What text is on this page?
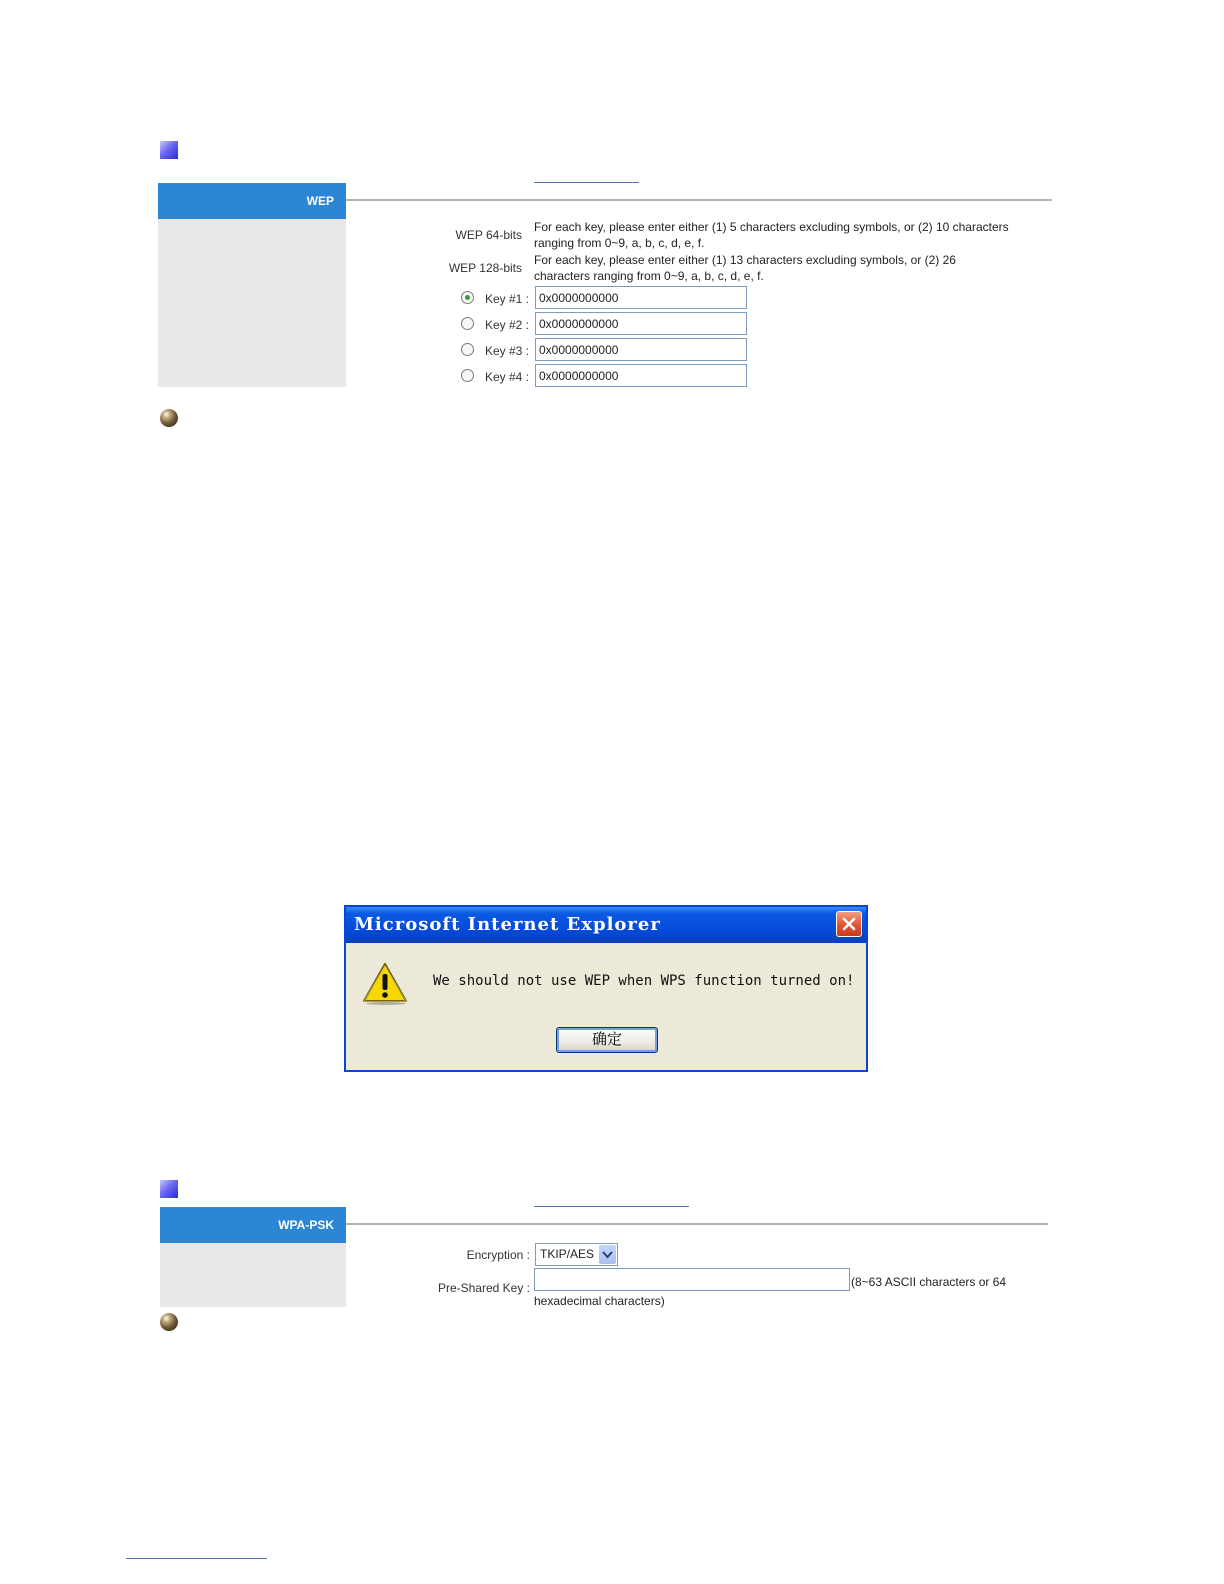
WEP
WEP 64-bits
For each key, please enter either (1) 5 characters excluding symbols, or (2) 10 characters
ranging from 0~9, a, b, c, d, e, f.
WEP 128-bits
For each key, please enter either (1) 13 characters excluding symbols, or (2) 26
characters ranging from 0~9, a, b, c, d, e, f.
Key #1 :
0x0000000000
Key #2 :
0x0000000000
Key #3 :
0x0000000000
Key #4 :
0x0000000000
Microsoft Internet Explorer
We should not use WEP when WPS function turned on!
确定
WPA-PSK
Encryption : TKIP/AES
Pre-Shared Key :	(8~63 ASCII characters or 64
hexadecimal characters)
